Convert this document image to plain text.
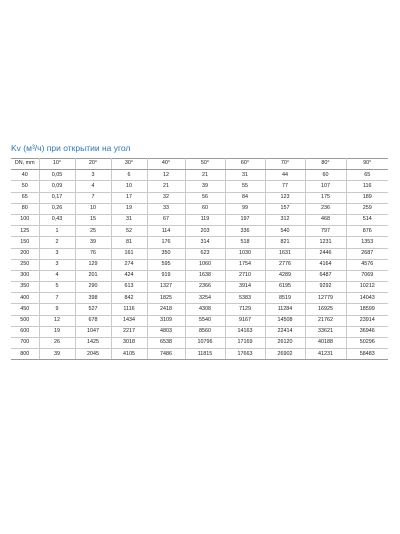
Kv (м³/ч) при открытии на угол
DN, mm	10°	20°	30°	40°	50°	60°	70°	80°	90°
40	0,05	3	6	12	21	31	44	60	65
50	0,09	4	10	21	39	55	77	107	116
65	0,17	7	17	32	56	84	123	175	189
80	0,26	10	19	33	60	99	157	236	259
100	0,43	15	31	67	119	197	312	468	514
125	1	25	52	114	203	336	540	797	876
150	2	39	81	176	314	518	821	1231	1353
200	3	76	161	350	623	1030	1631	2446	2687
250	3	129	274	595	1060	1754	2776	4164	4576
300	4	201	424	919	1638	2710	4289	6487	7069
350	5	290	613	1327	2366	3914	6195	9292	10212
400	7	398	842	1825	3254	5383	8519	12779	14043
450	9	527	1116	2418	4308	7129	11284	16925	18599
500	12	678	1434	3109	5540	9167	14508	21762	23914
600	19	1047	2217	4803	8560	14163	22414	33621	36946
700	26	1425	3018	6538	10796	17169	26120	40188	50296
800	39	2045	4105	7486	11815	17663	26902	41231	58483
